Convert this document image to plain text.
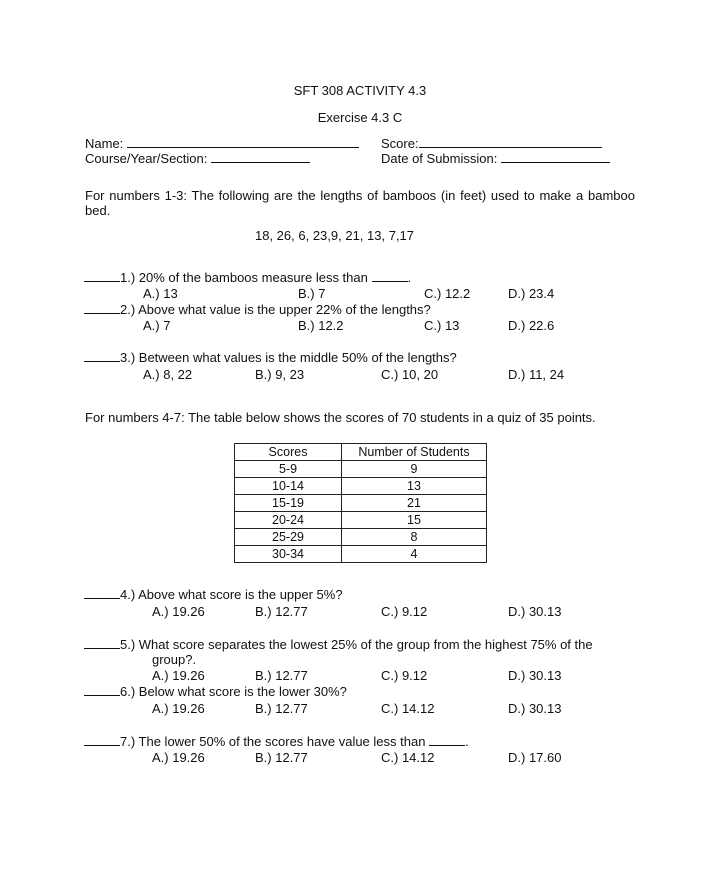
SFT 308 ACTIVITY 4.3
Exercise 4.3 C
Name:	Score:
Course/Year/Section:	Date of Submission:
For numbers 1-3: The following are the lengths of bamboos (in feet) used to make a bamboo bed.
18, 26, 6, 23,9, 21, 13, 7,17
1.) 20% of the bamboos measure less than	.
A.) 13	B.) 7	C.) 12.2	D.) 23.4
2.) Above what value is the upper 22% of the lengths?
A.) 7	B.) 12.2	C.) 13	D.) 22.6
3.) Between what values is the middle 50% of the lengths?
A.) 8, 22	B.) 9, 23	C.) 10, 20	D.) 11, 24
For numbers 4-7: The table below shows the scores of 70 students in a quiz of 35 points.
Scores	Number of Students
5-9	9
10-14	13
15-19	21
20-24	15
25-29	8
30-34	4
4.) Above what score is the upper 5%?
A.) 19.26	B.) 12.77	C.) 9.12	D.) 30.13
5.) What score separates the lowest 25% of the group from the highest 75% of the
group?.
A.) 19.26	B.) 12.77	C.) 9.12	D.) 30.13
6.) Below what score is the lower 30%?
A.) 19.26	B.) 12.77	C.) 14.12	D.) 30.13
7.) The lower 50% of the scores have value less than	.
A.) 19.26	B.) 12.77	C.) 14.12	D.) 17.60
